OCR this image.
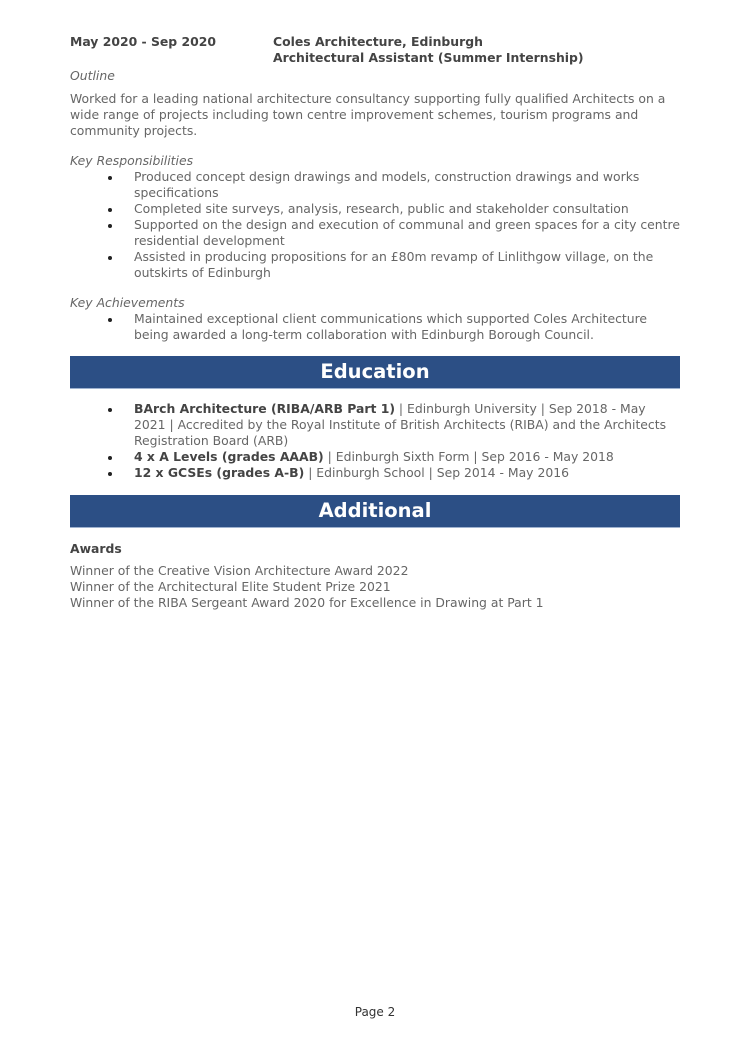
May 2020 - Sep 2020	Coles Architecture, Edinburgh
Architectural Assistant (Summer Internship)
Outline
Worked for a leading national architecture consultancy supporting fully qualified Architects on a wide range of projects including town centre improvement schemes, tourism programs and community projects.
Key Responsibilities
Produced concept design drawings and models, construction drawings and works specifications
Completed site surveys, analysis, research, public and stakeholder consultation
Supported on the design and execution of communal and green spaces for a city centre residential development
Assisted in producing propositions for an £80m revamp of Linlithgow village, on the outskirts of Edinburgh
Key Achievements
Maintained exceptional client communications which supported Coles Architecture being awarded a long-term collaboration with Edinburgh Borough Council.
Education
BArch Architecture (RIBA/ARB Part 1) | Edinburgh University | Sep 2018 - May 2021 | Accredited by the Royal Institute of British Architects (RIBA) and the Architects Registration Board (ARB)
4 x A Levels (grades AAAB) | Edinburgh Sixth Form | Sep 2016 - May 2018
12 x GCSEs (grades A-B) | Edinburgh School | Sep 2014 - May 2016
Additional
Awards
Winner of the Creative Vision Architecture Award 2022
Winner of the Architectural Elite Student Prize 2021
Winner of the RIBA Sergeant Award 2020 for Excellence in Drawing at Part 1
Page 2
